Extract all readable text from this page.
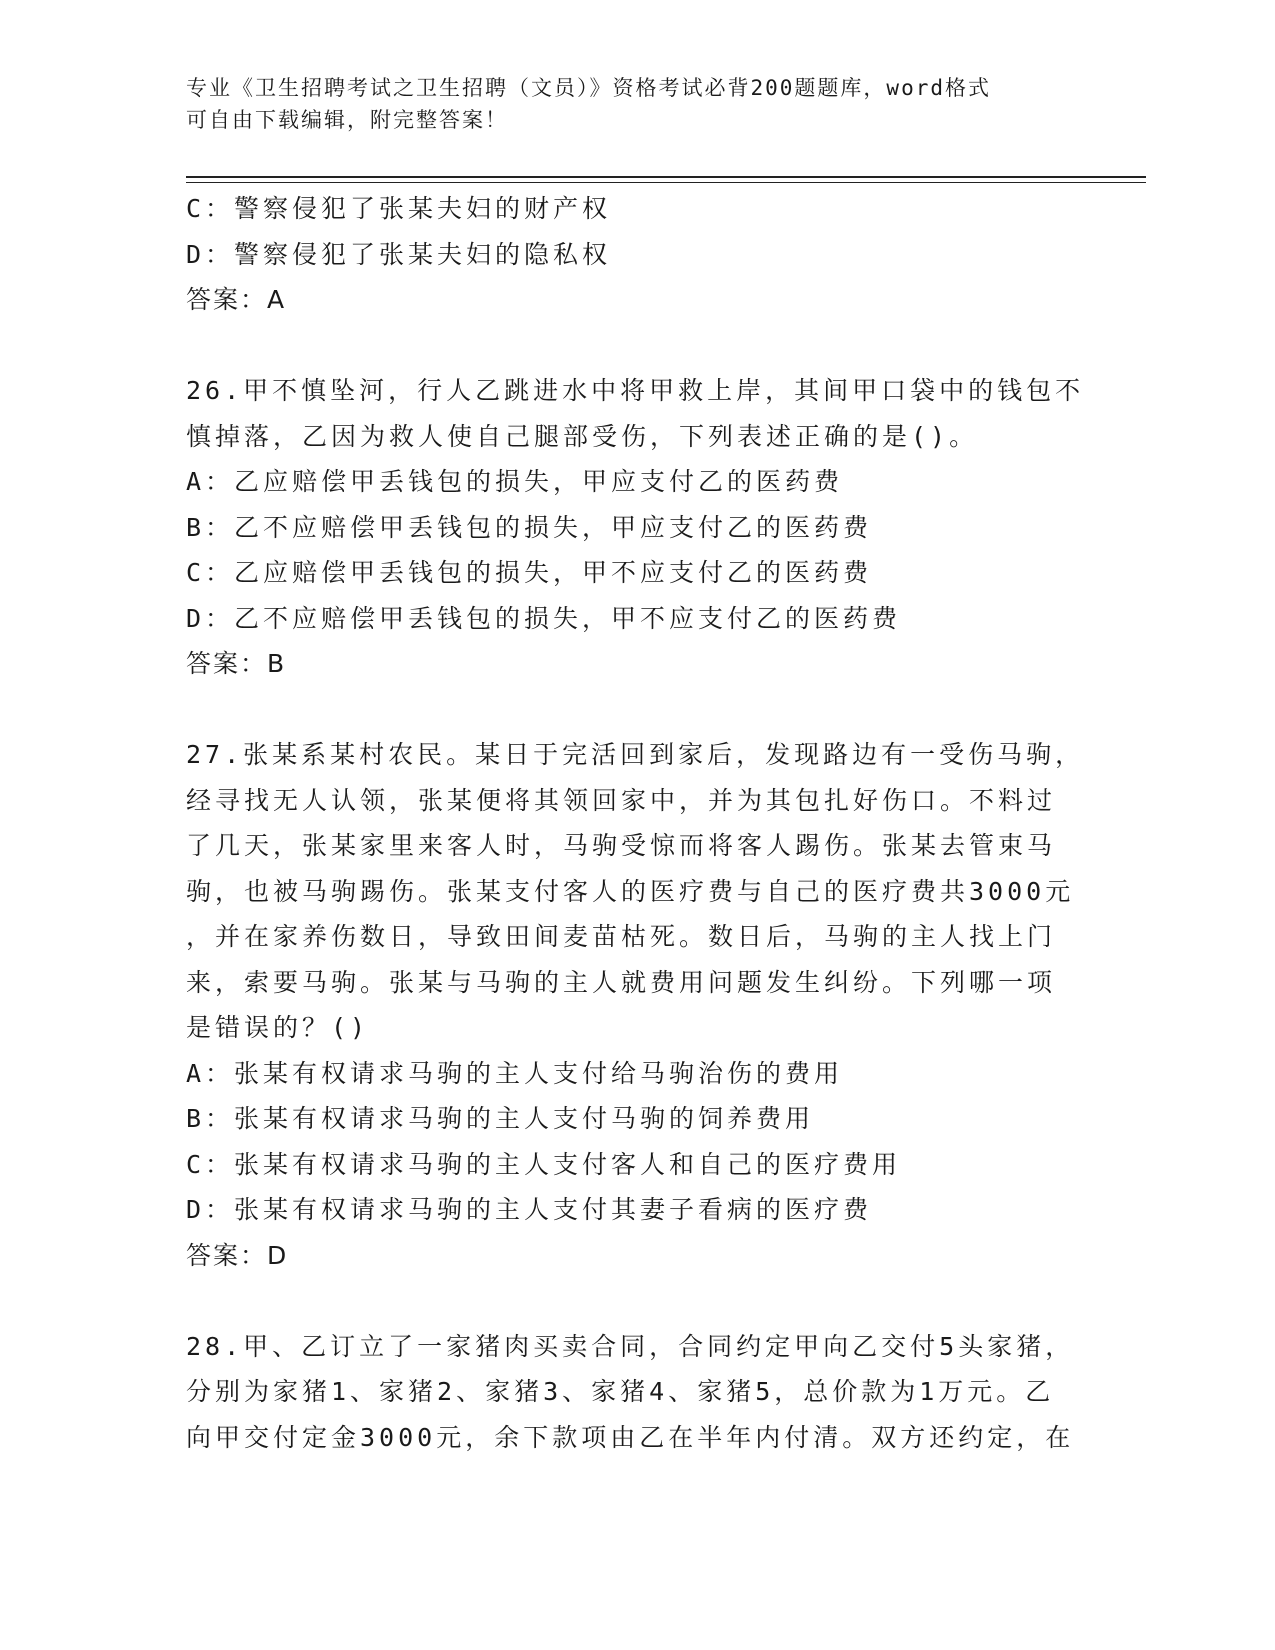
专业《卫生招聘考试之卫生招聘（文员）》资格考试必背200题题库，word格式
可自由下载编辑，附完整答案！
C：警察侵犯了张某夫妇的财产权
D：警察侵犯了张某夫妇的隐私权
答案：A
26.甲不慎坠河，行人乙跳进水中将甲救上岸，其间甲口袋中的钱包不
慎掉落，乙因为救人使自己腿部受伤，下列表述正确的是()。
A：乙应赔偿甲丢钱包的损失，甲应支付乙的医药费
B：乙不应赔偿甲丢钱包的损失，甲应支付乙的医药费
C：乙应赔偿甲丢钱包的损失，甲不应支付乙的医药费
D：乙不应赔偿甲丢钱包的损失，甲不应支付乙的医药费
答案：B
27.张某系某村农民。某日于完活回到家后，发现路边有一受伤马驹，
经寻找无人认领，张某便将其领回家中，并为其包扎好伤口。不料过
了几天，张某家里来客人时，马驹受惊而将客人踢伤。张某去管束马
驹，也被马驹踢伤。张某支付客人的医疗费与自己的医疗费共3000元
，并在家养伤数日，导致田间麦苗枯死。数日后，马驹的主人找上门
来，索要马驹。张某与马驹的主人就费用问题发生纠纷。下列哪一项
是错误的？()
A：张某有权请求马驹的主人支付给马驹治伤的费用
B：张某有权请求马驹的主人支付马驹的饲养费用
C：张某有权请求马驹的主人支付客人和自己的医疗费用
D：张某有权请求马驹的主人支付其妻子看病的医疗费
答案：D
28.甲、乙订立了一家猪肉买卖合同，合同约定甲向乙交付5头家猪，
分别为家猪1、家猪2、家猪3、家猪4、家猪5，总价款为1万元。乙
向甲交付定金3000元，余下款项由乙在半年内付清。双方还约定，在
